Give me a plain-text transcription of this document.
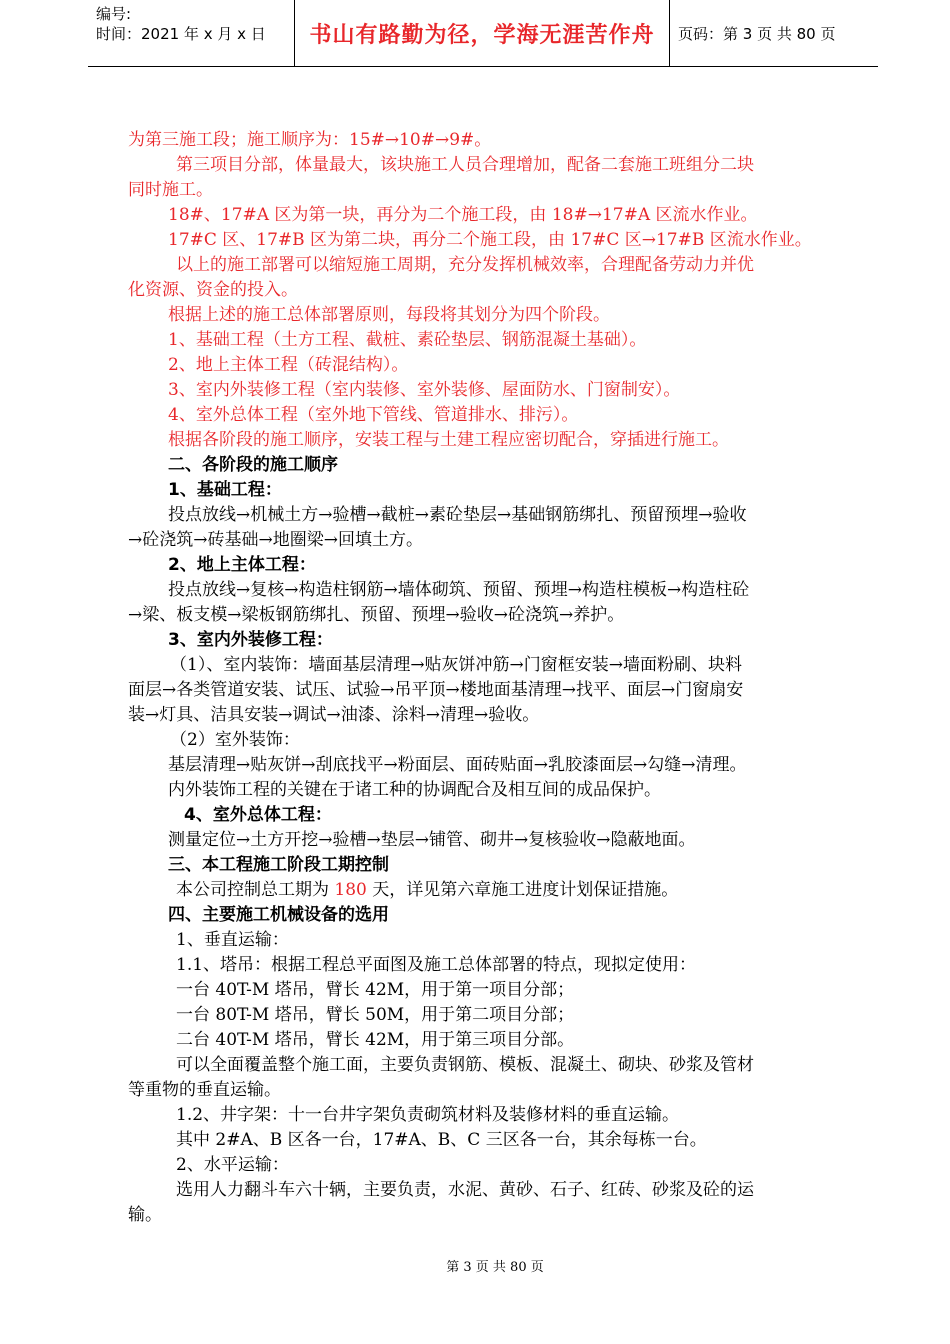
编号:
时间：2021 年 x 月 x 日	书山有路勤为径，学海无涯苦作舟	页码：第 3 页 共 80 页
为第三施工段；施工顺序为：15#→10#→9#。
第三项目分部，体量最大，该块施工人员合理增加，配备二套施工班组分二块
同时施工。
18#、17#A 区为第一块，再分为二个施工段，由 18#→17#A 区流水作业。
17#C 区、17#B 区为第二块，再分二个施工段，由 17#C 区→17#B 区流水作业。
以上的施工部署可以缩短施工周期，充分发挥机械效率，合理配备劳动力并优
化资源、资金的投入。
根据上述的施工总体部署原则，每段将其划分为四个阶段。
1、基础工程（土方工程、截桩、素砼垫层、钢筋混凝土基础）。
2、地上主体工程（砖混结构）。
3、室内外装修工程（室内装修、室外装修、屋面防水、门窗制安）。
4、室外总体工程（室外地下管线、管道排水、排污）。
根据各阶段的施工顺序，安装工程与土建工程应密切配合，穿插进行施工。
二、各阶段的施工顺序
1、基础工程：
投点放线→机械土方→验槽→截桩→素砼垫层→基础钢筋绑扎、预留预埋→验收
→砼浇筑→砖基础→地圈梁→回填土方。
2、地上主体工程：
投点放线→复核→构造柱钢筋→墙体砌筑、预留、预埋→构造柱模板→构造柱砼
→梁、板支模→梁板钢筋绑扎、预留、预埋→验收→砼浇筑→养护。
3、室内外装修工程：
（1）、室内装饰：墙面基层清理→贴灰饼冲筋→门窗框安装→墙面粉刷、块料
面层→各类管道安装、试压、试验→吊平顶→楼地面基清理→找平、面层→门窗扇安
装→灯具、洁具安装→调试→油漆、涂料→清理→验收。
（2）室外装饰：
基层清理→贴灰饼→刮底找平→粉面层、面砖贴面→乳胶漆面层→勾缝→清理。
内外装饰工程的关键在于诸工种的协调配合及相互间的成品保护。
4、室外总体工程：
测量定位→土方开挖→验槽→垫层→铺管、砌井→复核验收→隐蔽地面。
三、本工程施工阶段工期控制
本公司控制总工期为 180 天，详见第六章施工进度计划保证措施。
四、主要施工机械设备的选用
1、垂直运输：
1.1、塔吊：根据工程总平面图及施工总体部署的特点，现拟定使用：
一台 40T-M 塔吊，臂长 42M，用于第一项目分部；
一台 80T-M 塔吊，臂长 50M，用于第二项目分部；
二台 40T-M 塔吊，臂长 42M，用于第三项目分部。
可以全面覆盖整个施工面，主要负责钢筋、模板、混凝土、砌块、砂浆及管材
等重物的垂直运输。
1.2、井字架：十一台井字架负责砌筑材料及装修材料的垂直运输。
其中 2#A、B 区各一台，17#A、B、C 三区各一台，其余每栋一台。
2、水平运输：
选用人力翻斗车六十辆，主要负责，水泥、黄砂、石子、红砖、砂浆及砼的运
输。
第 3 页 共 80 页
